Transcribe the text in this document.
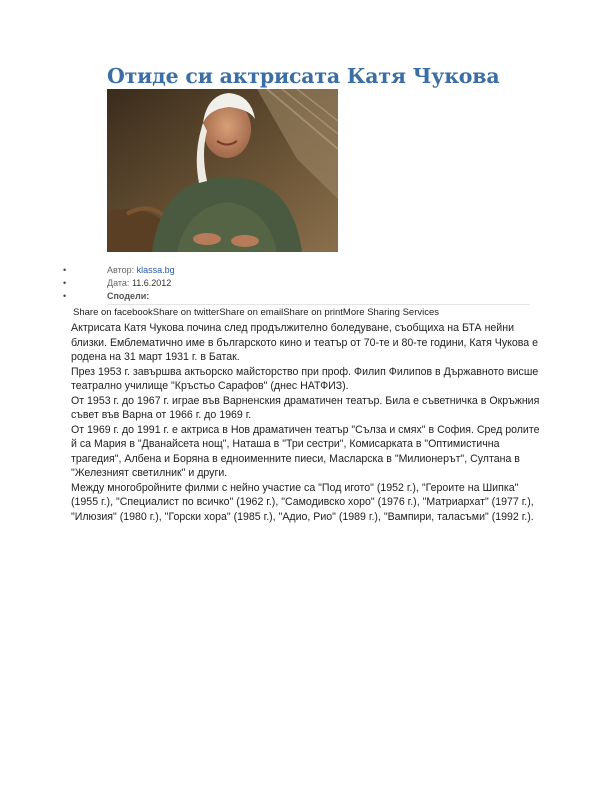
Отиде си актрисата Катя Чукова
•	Автор: klassa.bg
•	Дата: 11.6.2012
•	Сподели:
Share on facebookShare on twitterShare on emailShare on printMore Sharing Services

Актрисата Катя Чукова почина след продължително боледуване, съобщиха на БТА нейни близки. Емблематично име в българското кино и театър от 70-те и 80-те години, Катя Чукова е родена на 31 март 1931 г. в Батак.

През 1953 г. завършва актьорско майсторство при проф. Филип Филипов в Държавното висше театрално училище "Кръстьо Сарафов" (днес НАТФИЗ).

От 1953 г. до 1967 г. играе във Варненския драматичен театър. Била е съветничка в Окръжния съвет във Варна от 1966 г. до 1969 г.

От 1969 г. до 1991 г. е актриса в Нов драматичен театър "Сълза и смях" в София. Сред ролите й са Мария в "Дванайсета нощ", Наташа в "Три сестри", Комисарката в "Оптимистична трагедия", Албена и Боряна в едноименните пиеси, Масларска в "Милионерът", Султана в "Железният светилник" и други.

Между многобройните филми с нейно участие са "Под игото" (1952 г.), "Героите на Шипка" (1955 г.), "Специалист по всичко" (1962 г.), "Самодивско хоро" (1976 г.), "Матриархат" (1977 г.), "Илюзия" (1980 г.), "Горски хора" (1985 г.), "Адио, Рио" (1989 г.), "Вампири, таласъми" (1992 г.).
